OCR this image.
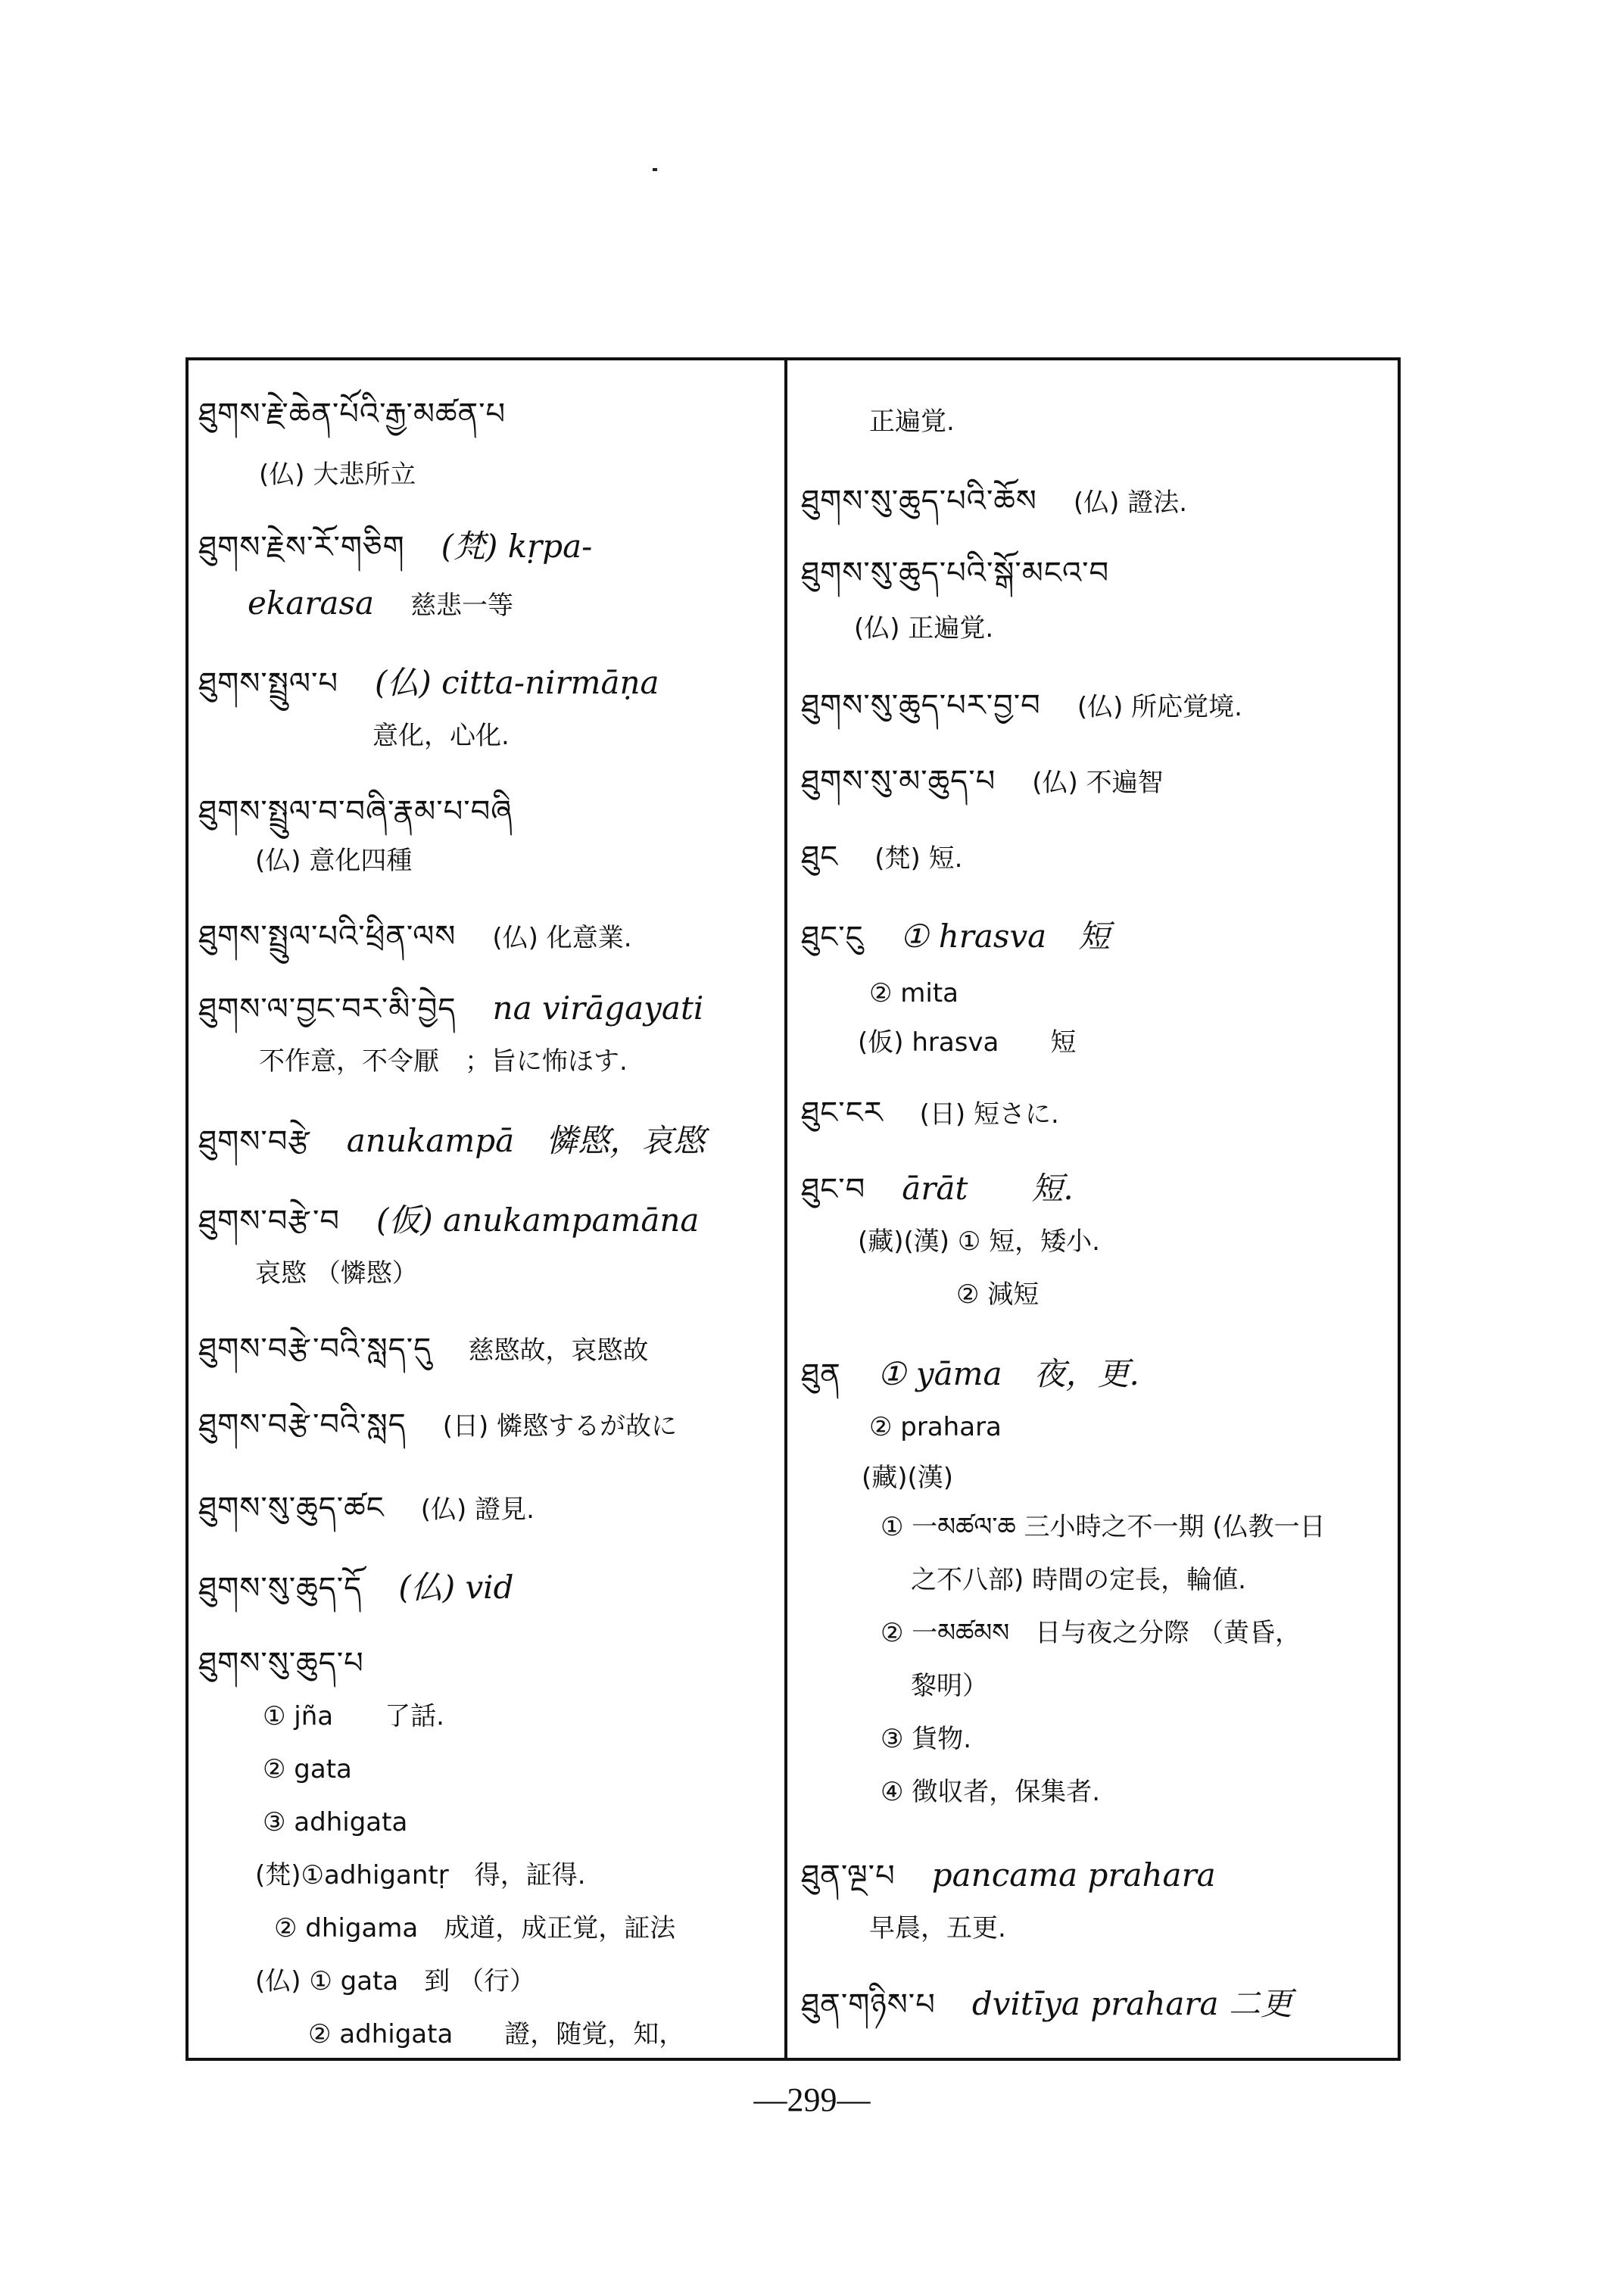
ཐུགས་རྗེ་ཆེན་པོའི་རྒྱ་མཚན་པ
(仏) 大悲所立
ཐུགས་རྗེས་རོ་གཅིག (梵) kṛpa-
ekarasa 慈悲一等
ཐུགས་སྤྲུལ་པ (仏) citta-nirmāṇa
意化，心化.
ཐུགས་སྤྲུལ་བ་བཞི་རྣམ་པ་བཞི
(仏) 意化四種
ཐུགས་སྤྲུལ་པའི་ཕྲིན་ལས (仏) 化意業.
ཐུགས་ལ་བྱང་བར་མི་བྱེད na virāgayati
不作意，不令厭　；旨に怖ほす.
ཐུགས་བརྩེ anukampā　憐愍，哀愍
ཐུགས་བརྩེ་བ (仮) anukampamāna
哀愍 （憐愍）
ཐུགས་བརྩེ་བའི་སླད་དུ 慈愍故，哀愍故
ཐུགས་བརྩེ་བའི་སླད (日) 憐愍するが故に
ཐུགས་སུ་ཆུད་ཚང (仏) 證見.
ཐུགས་སུ་ཆུད་དོ (仏) vid
ཐུགས་སུ་ཆུད་པ
① jña　　了話.
② gata
③ adhigata
(梵)①adhigantṛ　得，証得.
② dhigama　成道，成正覚，証法
(仏) ① gata　到 （行）
② adhigata　　證，随覚，知，
正遍覚.
ཐུགས་སུ་ཆུད་པའི་ཆོས (仏) 證法.
ཐུགས་སུ་ཆུད་པའི་སྒོ་མངའ་བ
(仏) 正遍覚.
ཐུགས་སུ་ཆུད་པར་བྱ་བ (仏) 所応覚境.
ཐུགས་སུ་མ་ཆུད་པ (仏) 不遍智
ཐུང (梵) 短.
ཐུང་ངུ ① hrasva　短
② mita
(仮) hrasva　　短
ཐུང་ངར (日) 短さに.
ཐུང་བ ārāt　　短.
(藏)(漢) ① 短，矮小.
② 減短
ཐུན ① yāma　夜，更.
② prahara
(藏)(漢)
① 一མཚལ་ཆ 三小時之不一期 (仏教一日
之不八部) 時間の定長，輪値.
② 一མཚམས　日与夜之分際 （黄昏，
黎明）
③ 貨物.
④ 徴収者，保集者.
ཐུན་ལྔ་པ pancama prahara
早晨，五更.
ཐུན་གཉིས་པ dvitīya prahara 二更
—299—
